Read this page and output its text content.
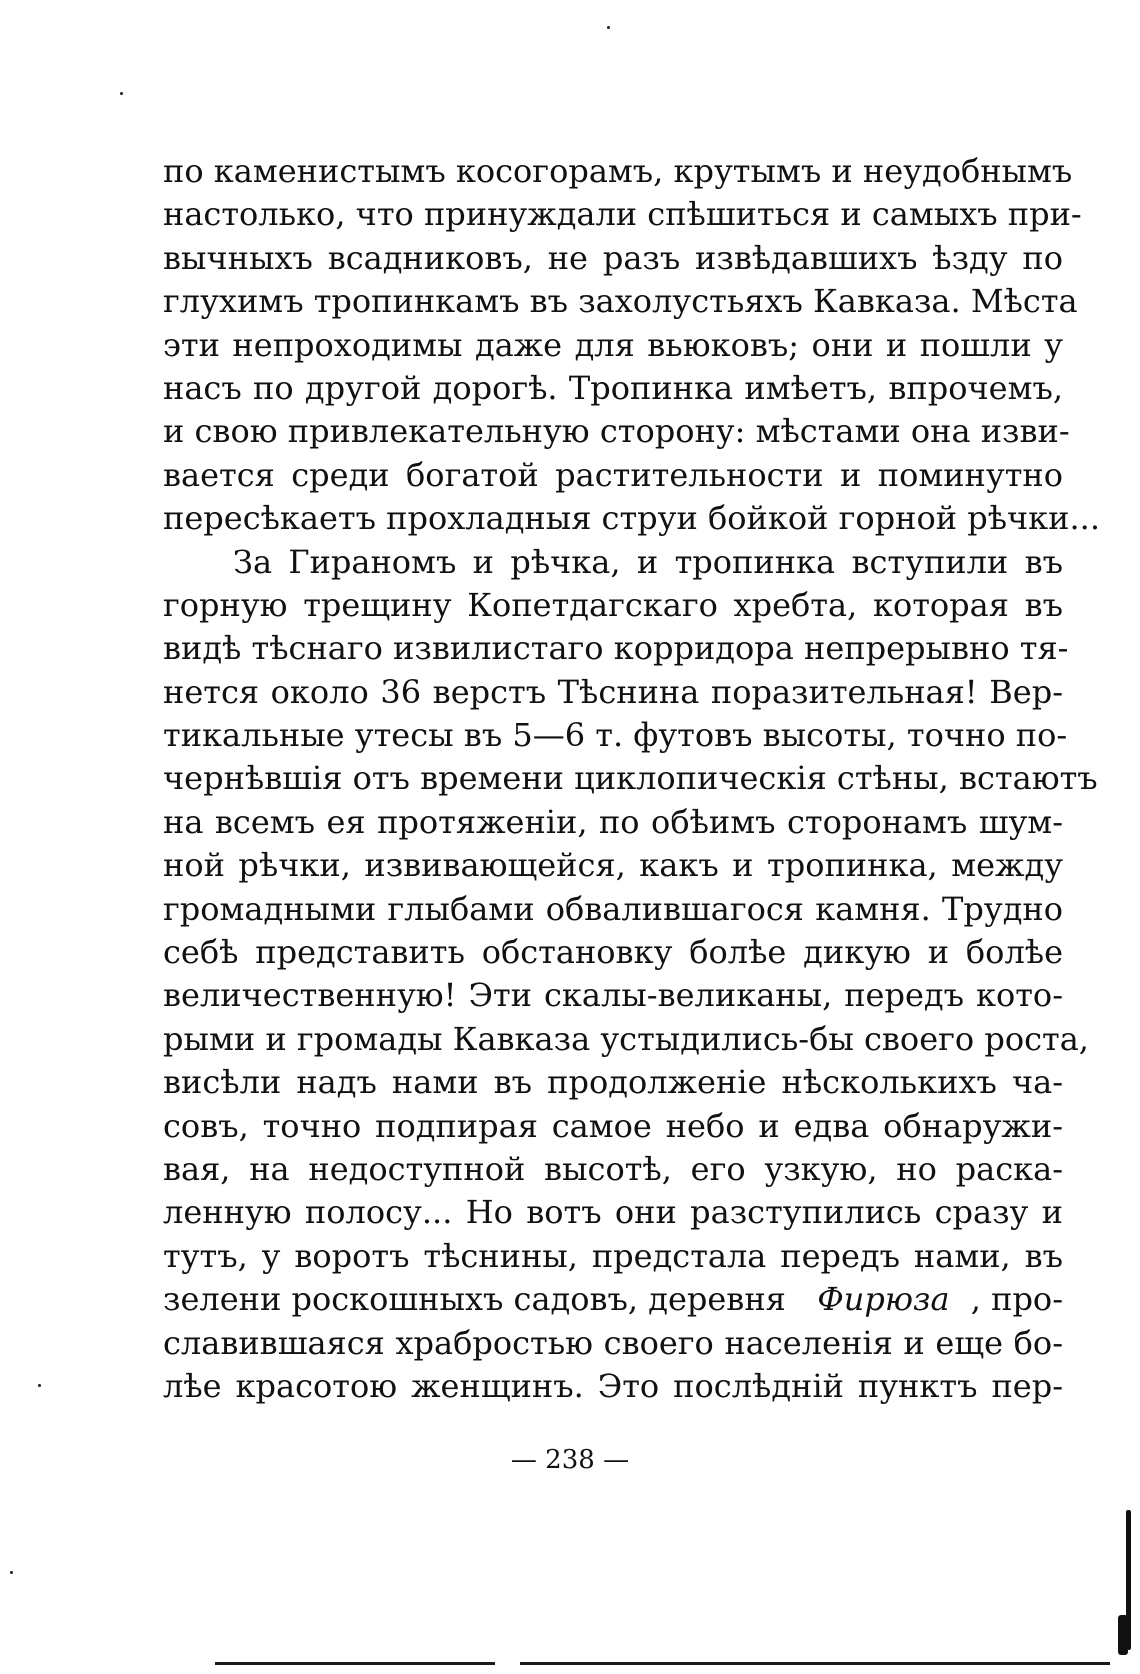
по каменистымъ косогорамъ, крутымъ и неудобнымъ
настолько, что принуждали спѣшиться и самыхъ при-
вычныхъ всадниковъ, не разъ извѣдавшихъ ѣзду по
глухимъ тропинкамъ въ захолустьяхъ Кавказа. Мѣста
эти непроходимы даже для вьюковъ; они и пошли у
насъ по другой дорогѣ. Тропинка имѣетъ, впрочемъ,
и свою привлекательную сторону: мѣстами она изви-
вается среди богатой растительности и поминутно
пересѣкаетъ прохладныя струи бойкой горной рѣчки...
За Гираномъ и рѣчка, и тропинка вступили въ
горную трещину Копетдагскаго хребта, которая въ
видѣ тѣснаго извилистаго корридора непрерывно тя-
нется около 36 верстъ Тѣснина поразительная! Вер-
тикальные утесы въ 5—6 т. футовъ высоты, точно по-
чернѣвшiя отъ времени циклопическiя стѣны, встаютъ
на всемъ ея протяженiи, по обѣимъ сторонамъ шум-
ной рѣчки, извивающейся, какъ и тропинка, между
громадными глыбами обвалившагося камня. Трудно
себѣ представить обстановку болѣе дикую и болѣе
величественную! Эти скалы-великаны, передъ кото-
рыми и громады Кавказа устыдились-бы своего роста,
висѣли надъ нами въ продолженiе нѣсколькихъ ча-
совъ, точно подпирая самое небо и едва обнаружи-
вая, на недоступной высотѣ, его узкую, но раска-
ленную полосу... Но вотъ они разступились сразу и
тутъ, у воротъ тѣснины, предстала передъ нами, въ
зелени роскошныхъ садовъ, деревня Фирюза , про-
славившаяся храбростью своего населенiя и еще бо-
лѣе красотою женщинъ. Это послѣднiй пунктъ пер-
— 238 —
